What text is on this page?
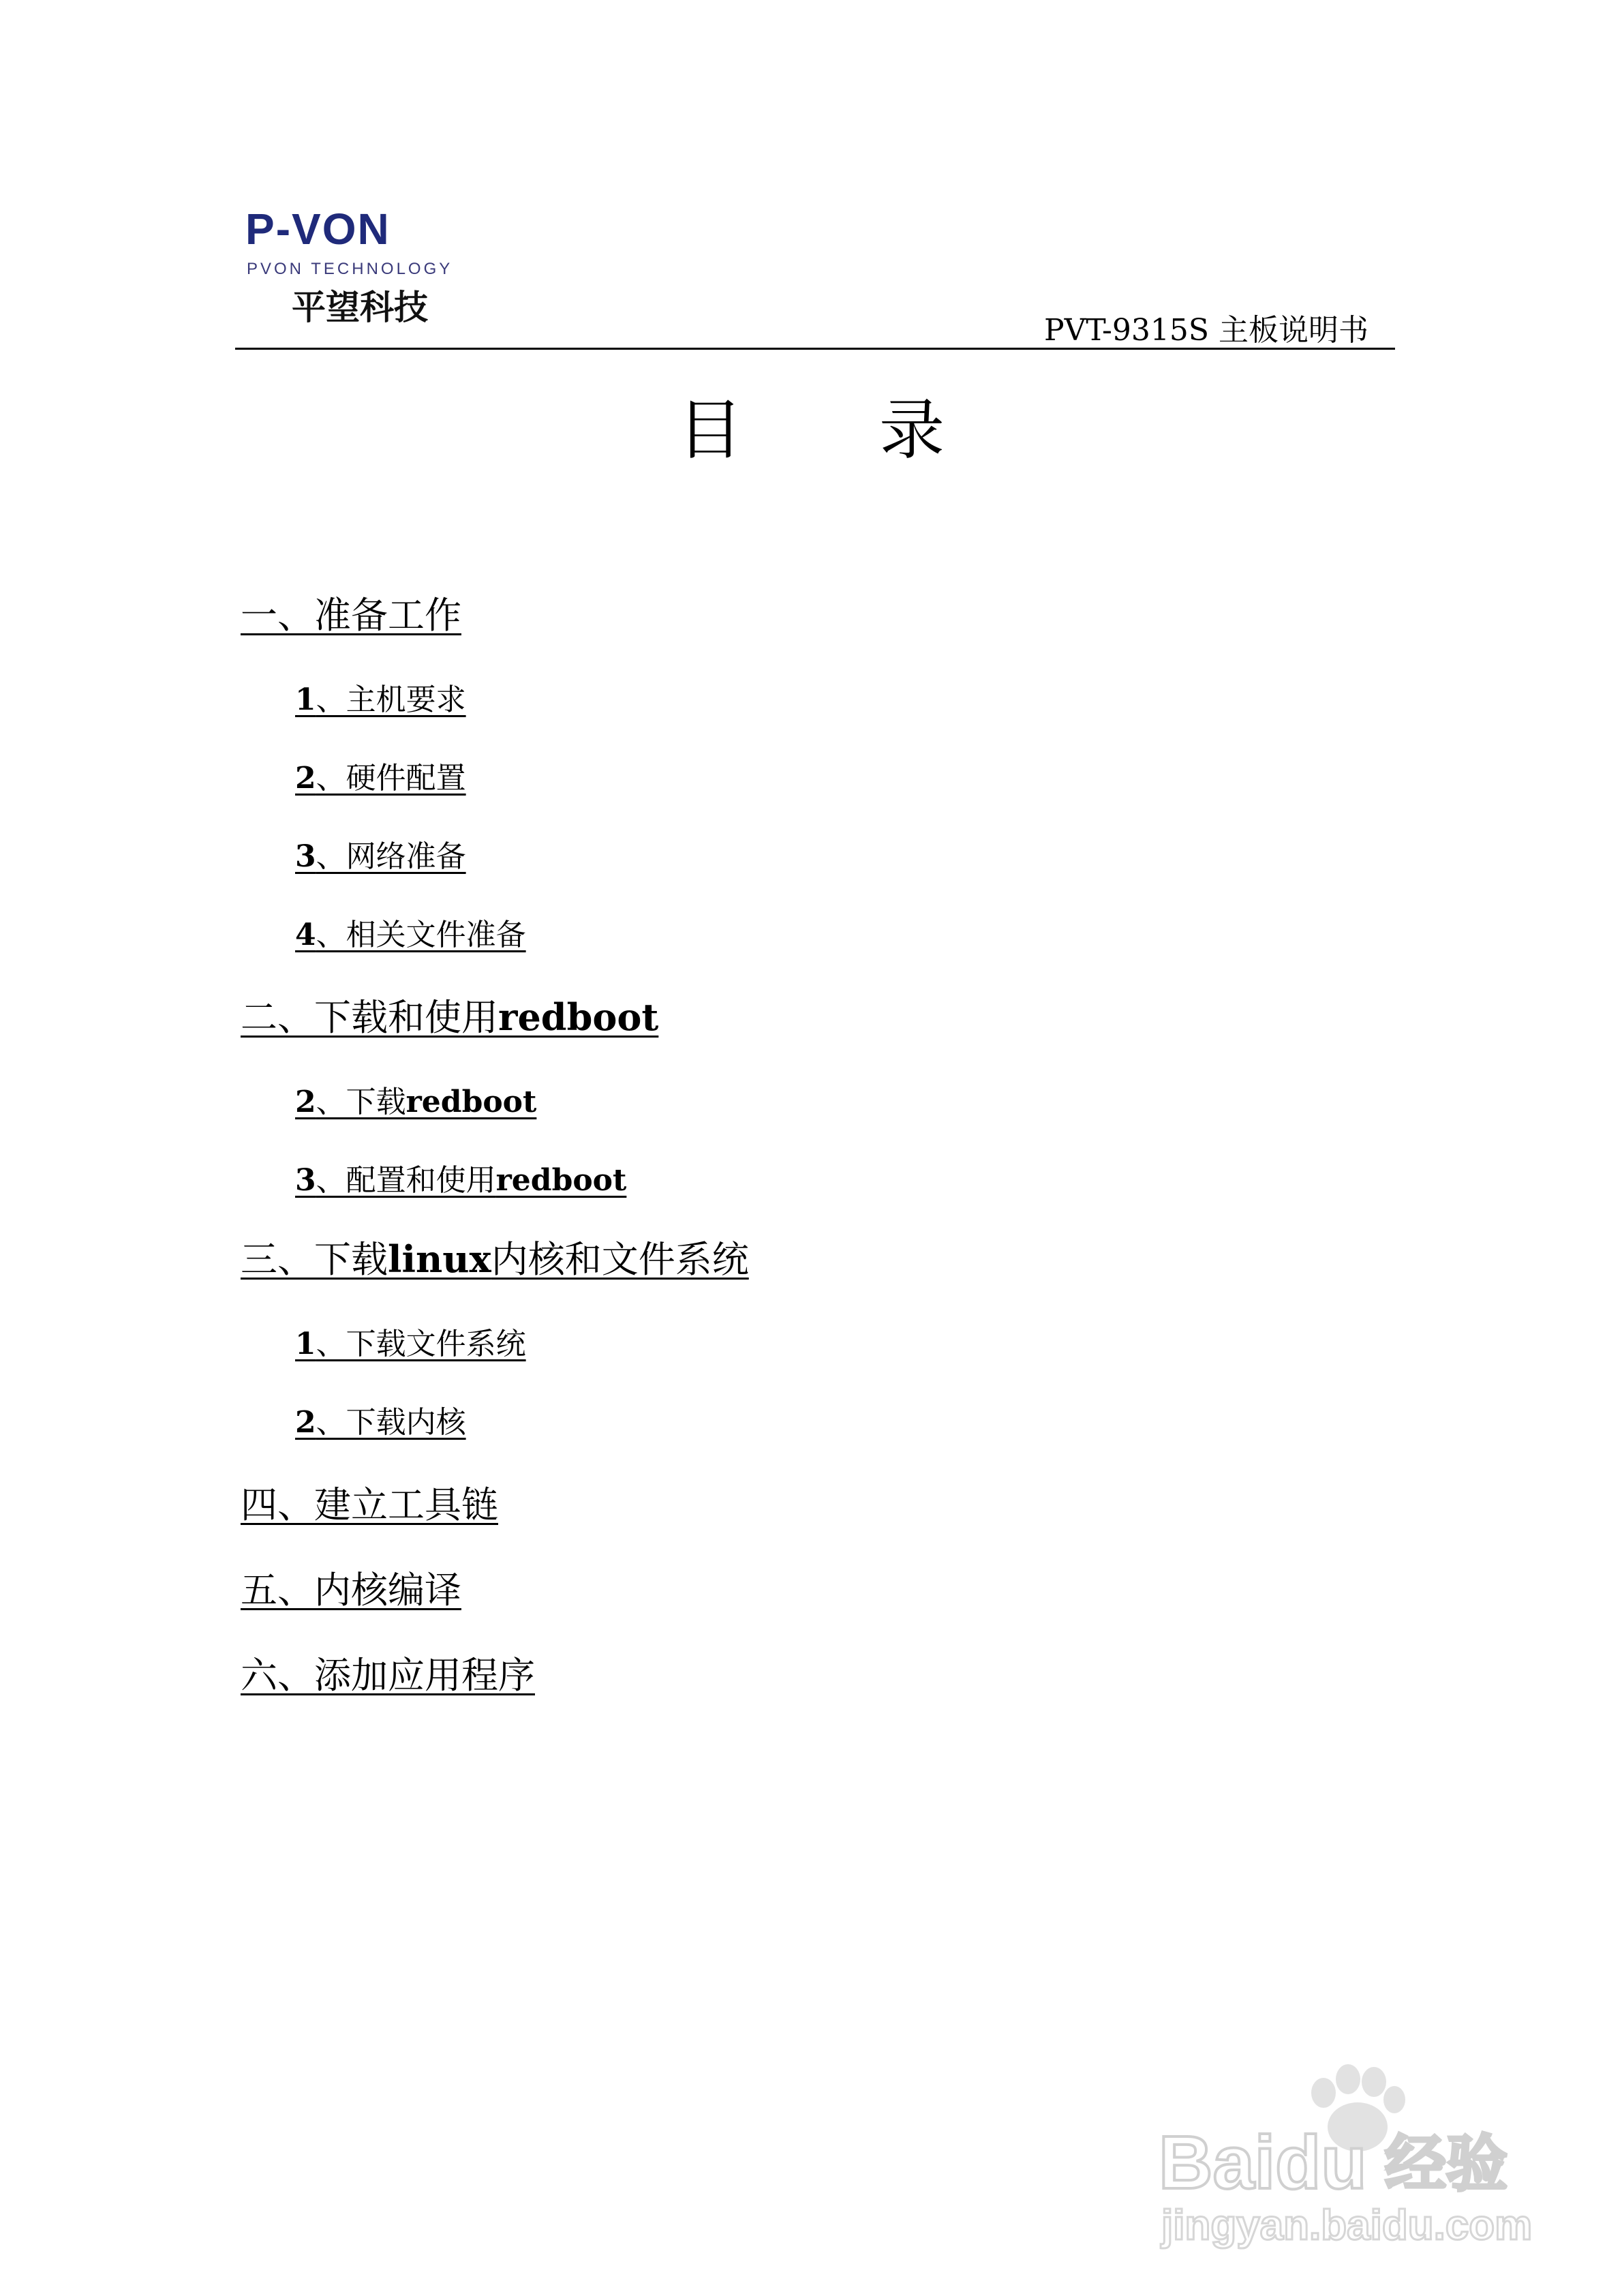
P-VON
PVON TECHNOLOGY
平望科技
PVT-9315S 主板说明书
目录
一、准备工作
1、主机要求
2、硬件配置
3、网络准备
4、相关文件准备
二、下载和使用redboot
2、下载redboot
3、配置和使用redboot
三、下载linux内核和文件系统
1、下载文件系统
2、下载内核
四、建立工具链
五、内核编译
六、添加应用程序
Baidu 经验
jingyan.baidu.com
